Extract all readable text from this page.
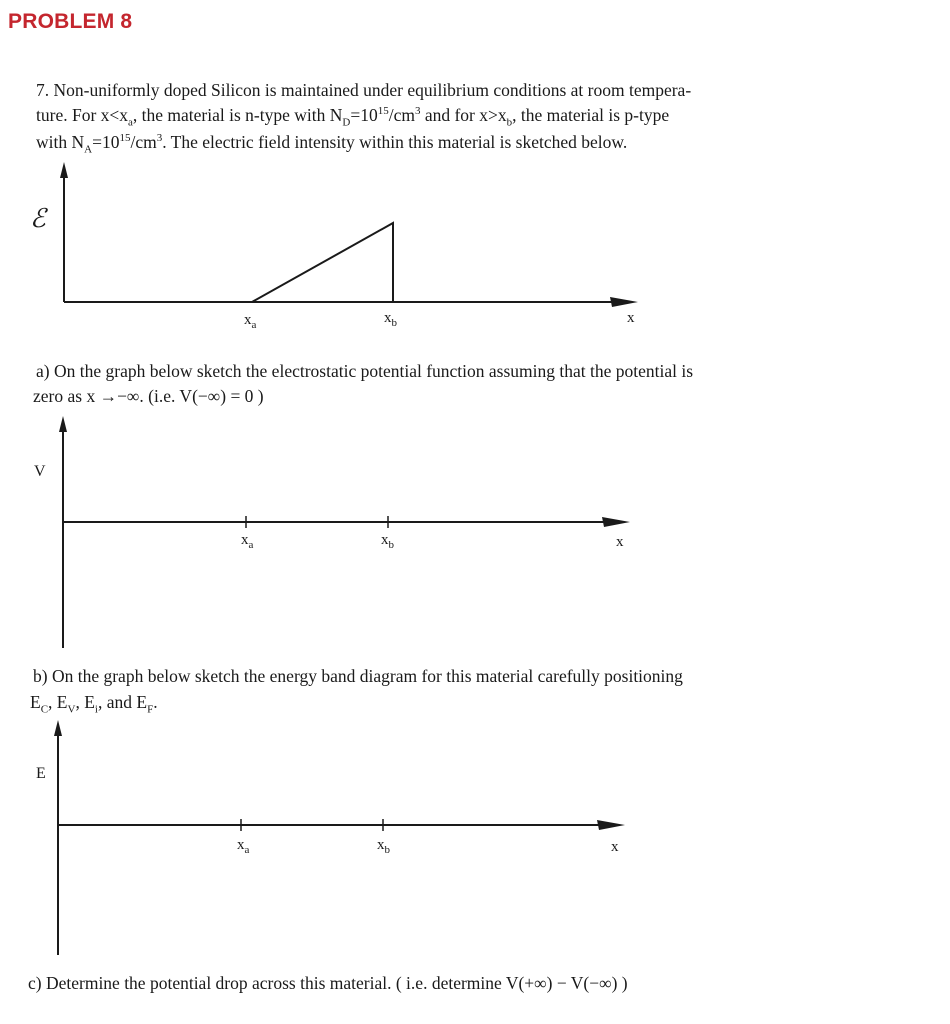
PROBLEM 8
7. Non-uniformly doped Silicon is maintained under equilibrium conditions at room tempera-
ture. For $x<x_a$, the material is n-type with $N_D=10^{15}/cm^3$ and for $x>x_b$, the material is p-type
with $N_A=10^{15}/cm^3$. The electric field intensity within this material is sketched below.
ℰ
$x_a$	$x_b$	x
a) On the graph below sketch the electrostatic potential function assuming that the potential is
zero as x →−∞. (i.e. V(−∞) = 0 )
V
$x_a$	$x_b$	x
b) On the graph below sketch the energy band diagram for this material carefully positioning
$E_C$, $E_V$, $E_i$, and $E_F$.
E
$x_a$	$x_b$	x
c) Determine the potential drop across this material. ( i.e. determine V(+∞) − V(−∞) )
